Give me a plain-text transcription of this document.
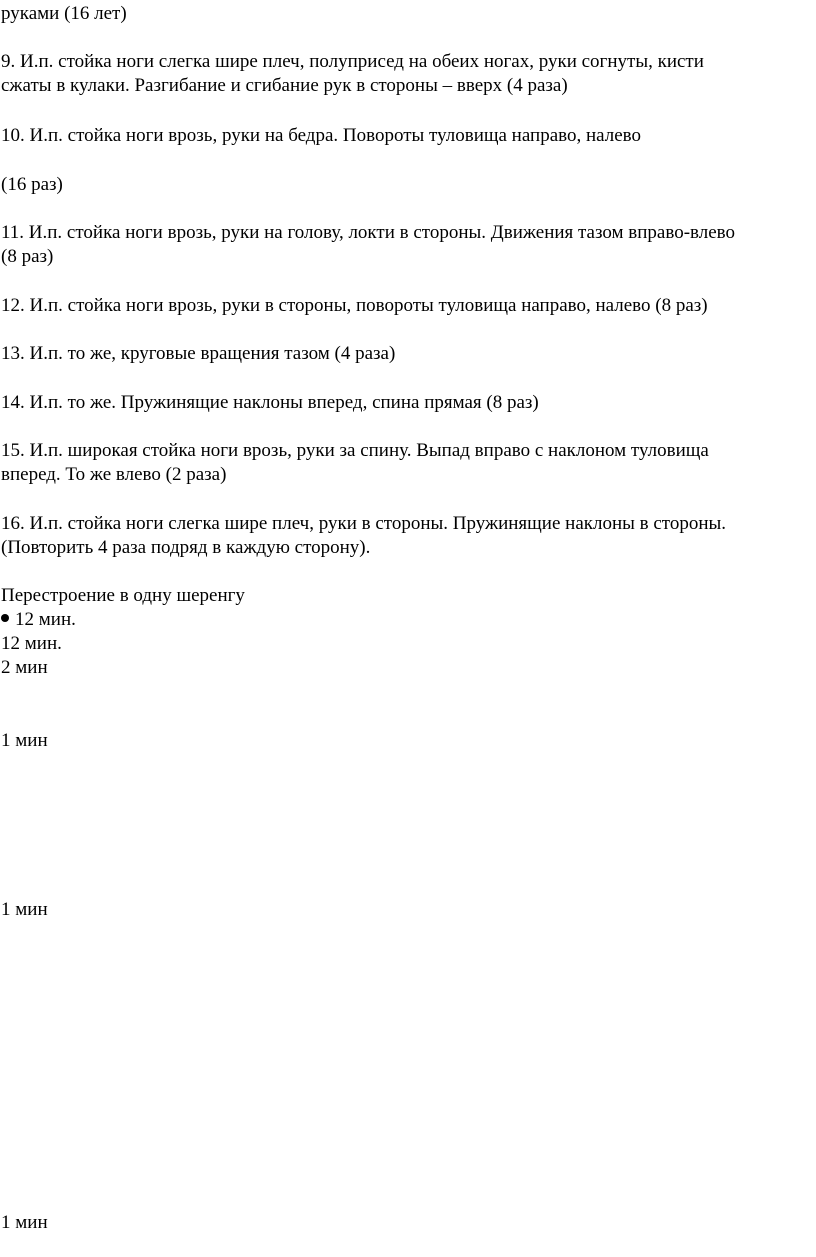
руками (16 лет)
9. И.п. стойка ноги слегка шире плеч, полуприсед на обеих ногах, руки согнуты, кисти
сжаты в кулаки. Разгибание и сгибание рук в стороны – вверх (4 раза)
10. И.п. стойка ноги врозь, руки на бедра. Повороты туловища направо, налево
(16 раз)
11. И.п. стойка ноги врозь, руки на голову, локти в стороны. Движения тазом вправо-влево
(8 раз)
12. И.п. стойка ноги врозь, руки в стороны, повороты туловища направо, налево (8 раз)
13. И.п. то же, круговые вращения тазом (4 раза)
14. И.п. то же. Пружинящие наклоны вперед, спина прямая (8 раз)
15. И.п. широкая стойка ноги врозь, руки за спину. Выпад вправо с наклоном туловища
вперед. То же влево (2 раза)
16. И.п. стойка ноги слегка шире плеч, руки в стороны. Пружинящие наклоны в стороны.
(Повторить 4 раза подряд в каждую сторону).
Перестроение в одну шеренгу
12 мин.
12 мин.
2 мин
1 мин
1 мин
1 мин
